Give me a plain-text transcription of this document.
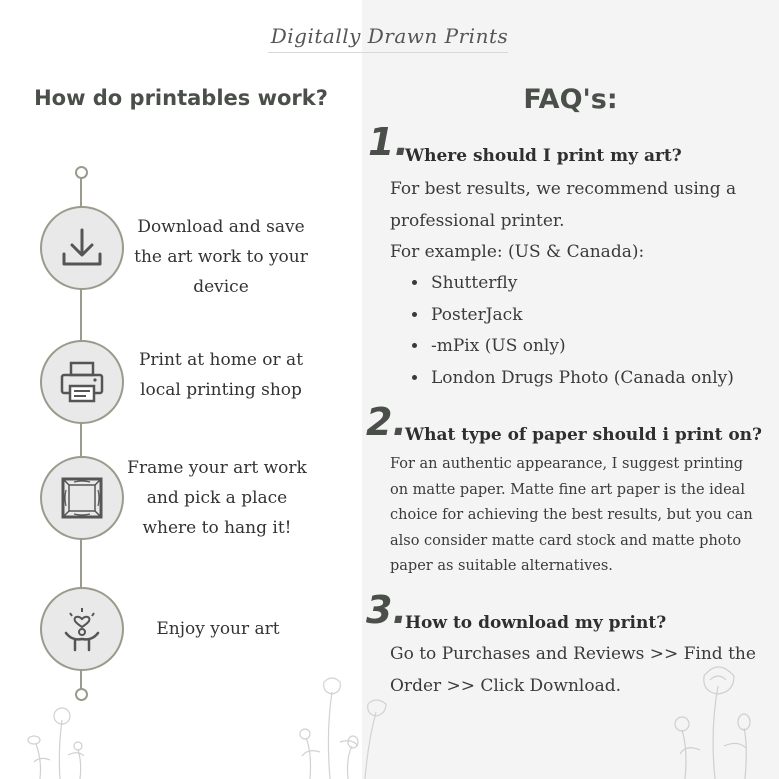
Digitally Drawn Prints
How do printables work?	FAQ's:
Download and save the art work to your device
Print at home or at local printing shop
Frame your art work and pick a place where to hang it!
Enjoy your art
1.
Where should I print my art?
For best results, we recommend using a professional printer.
For example: (US & Canada):
• Shutterfly
• PosterJack
• -mPix (US only)
• London Drugs Photo (Canada only)
2.
What type of paper should i print on?
For an authentic appearance, I suggest printing on matte paper. Matte fine art paper is the ideal choice for achieving the best results, but you can also consider matte card stock and matte photo paper as suitable alternatives.
3.
How to download my print?
Go to Purchases and Reviews >> Find the Order >> Click Download.
